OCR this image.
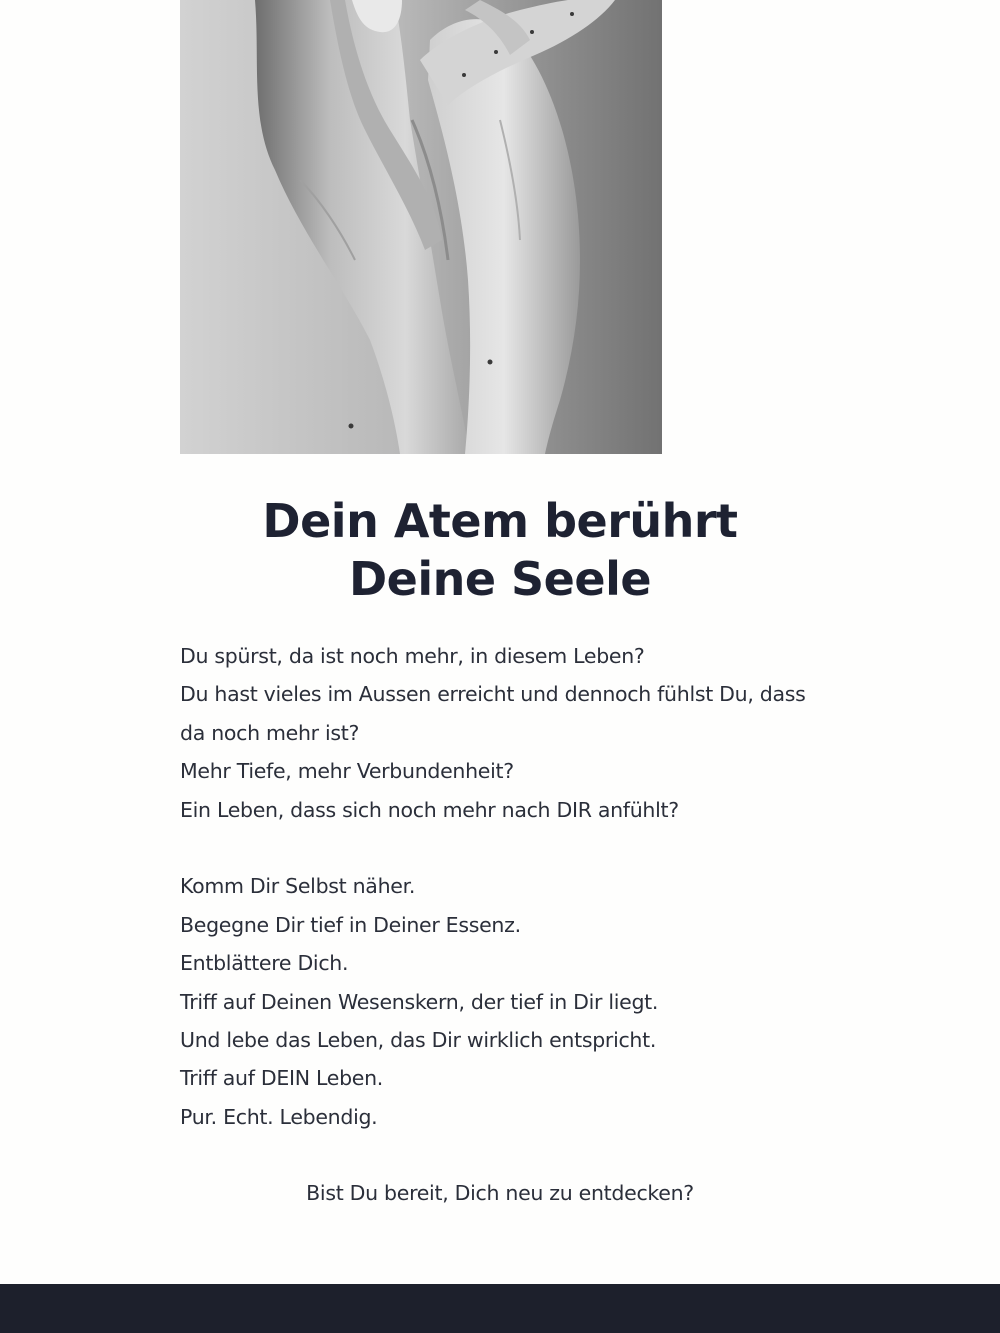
Dein Atem berührt
Deine Seele

Du spürst, da ist noch mehr, in diesem Leben?

Du hast vieles im Aussen erreicht und dennoch fühlst Du, dass da noch mehr ist?

Mehr Tiefe, mehr Verbundenheit?

Ein Leben, dass sich noch mehr nach DIR anfühlt?

Komm Dir Selbst näher.

Begegne Dir tief in Deiner Essenz.

Entblättere Dich.

Triff auf Deinen Wesenskern, der tief in Dir liegt.

Und lebe das Leben, das Dir wirklich entspricht.

Triff auf DEIN Leben.

Pur. Echt. Lebendig.

Bist Du bereit, Dich neu zu entdecken?
